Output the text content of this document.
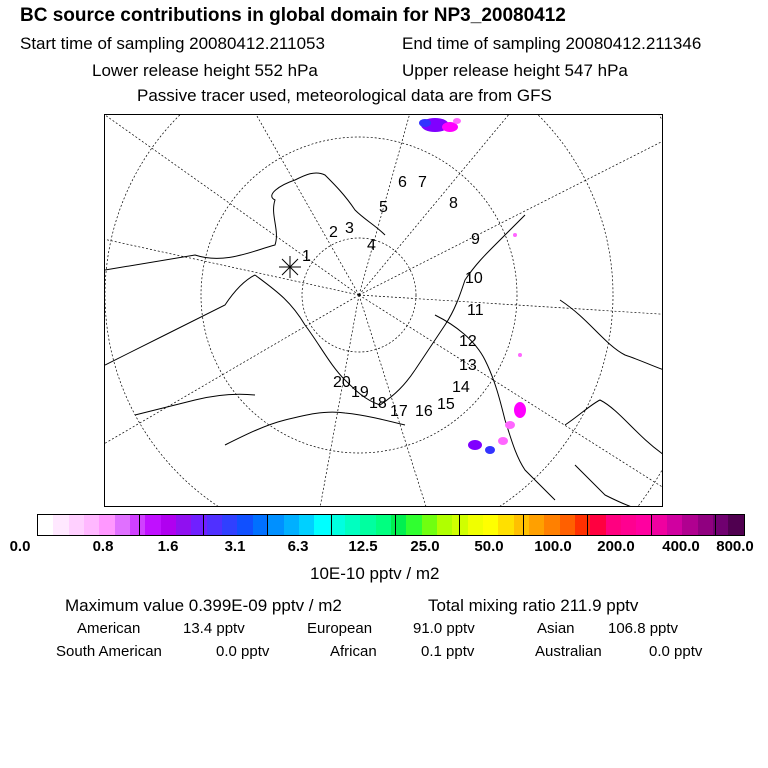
BC source contributions in global domain for NP3_20080412
Start time of sampling 20080412.211053	End time of sampling 20080412.211346
Lower release height 552 hPa	Upper release height 547 hPa
Passive tracer used, meteorological data are from GFS
1
2 3
4
5
6 7
8
9
10
11
12
13
14
15
16
17
18
19
20
0.0	0.8	1.6	3.1	6.3	12.5 25.0 50.0 100.0 200.0 400.0 800.0
10E-10 pptv / m2
Maximum value 0.399E-09 pptv / m2	Total mixing ratio 211.9 pptv
American	13.4 pptv	European	91.0 pptv	Asian 106.8 pptv
South American	0.0 pptv	African	0.1 pptv	Australian	0.0 pptv
